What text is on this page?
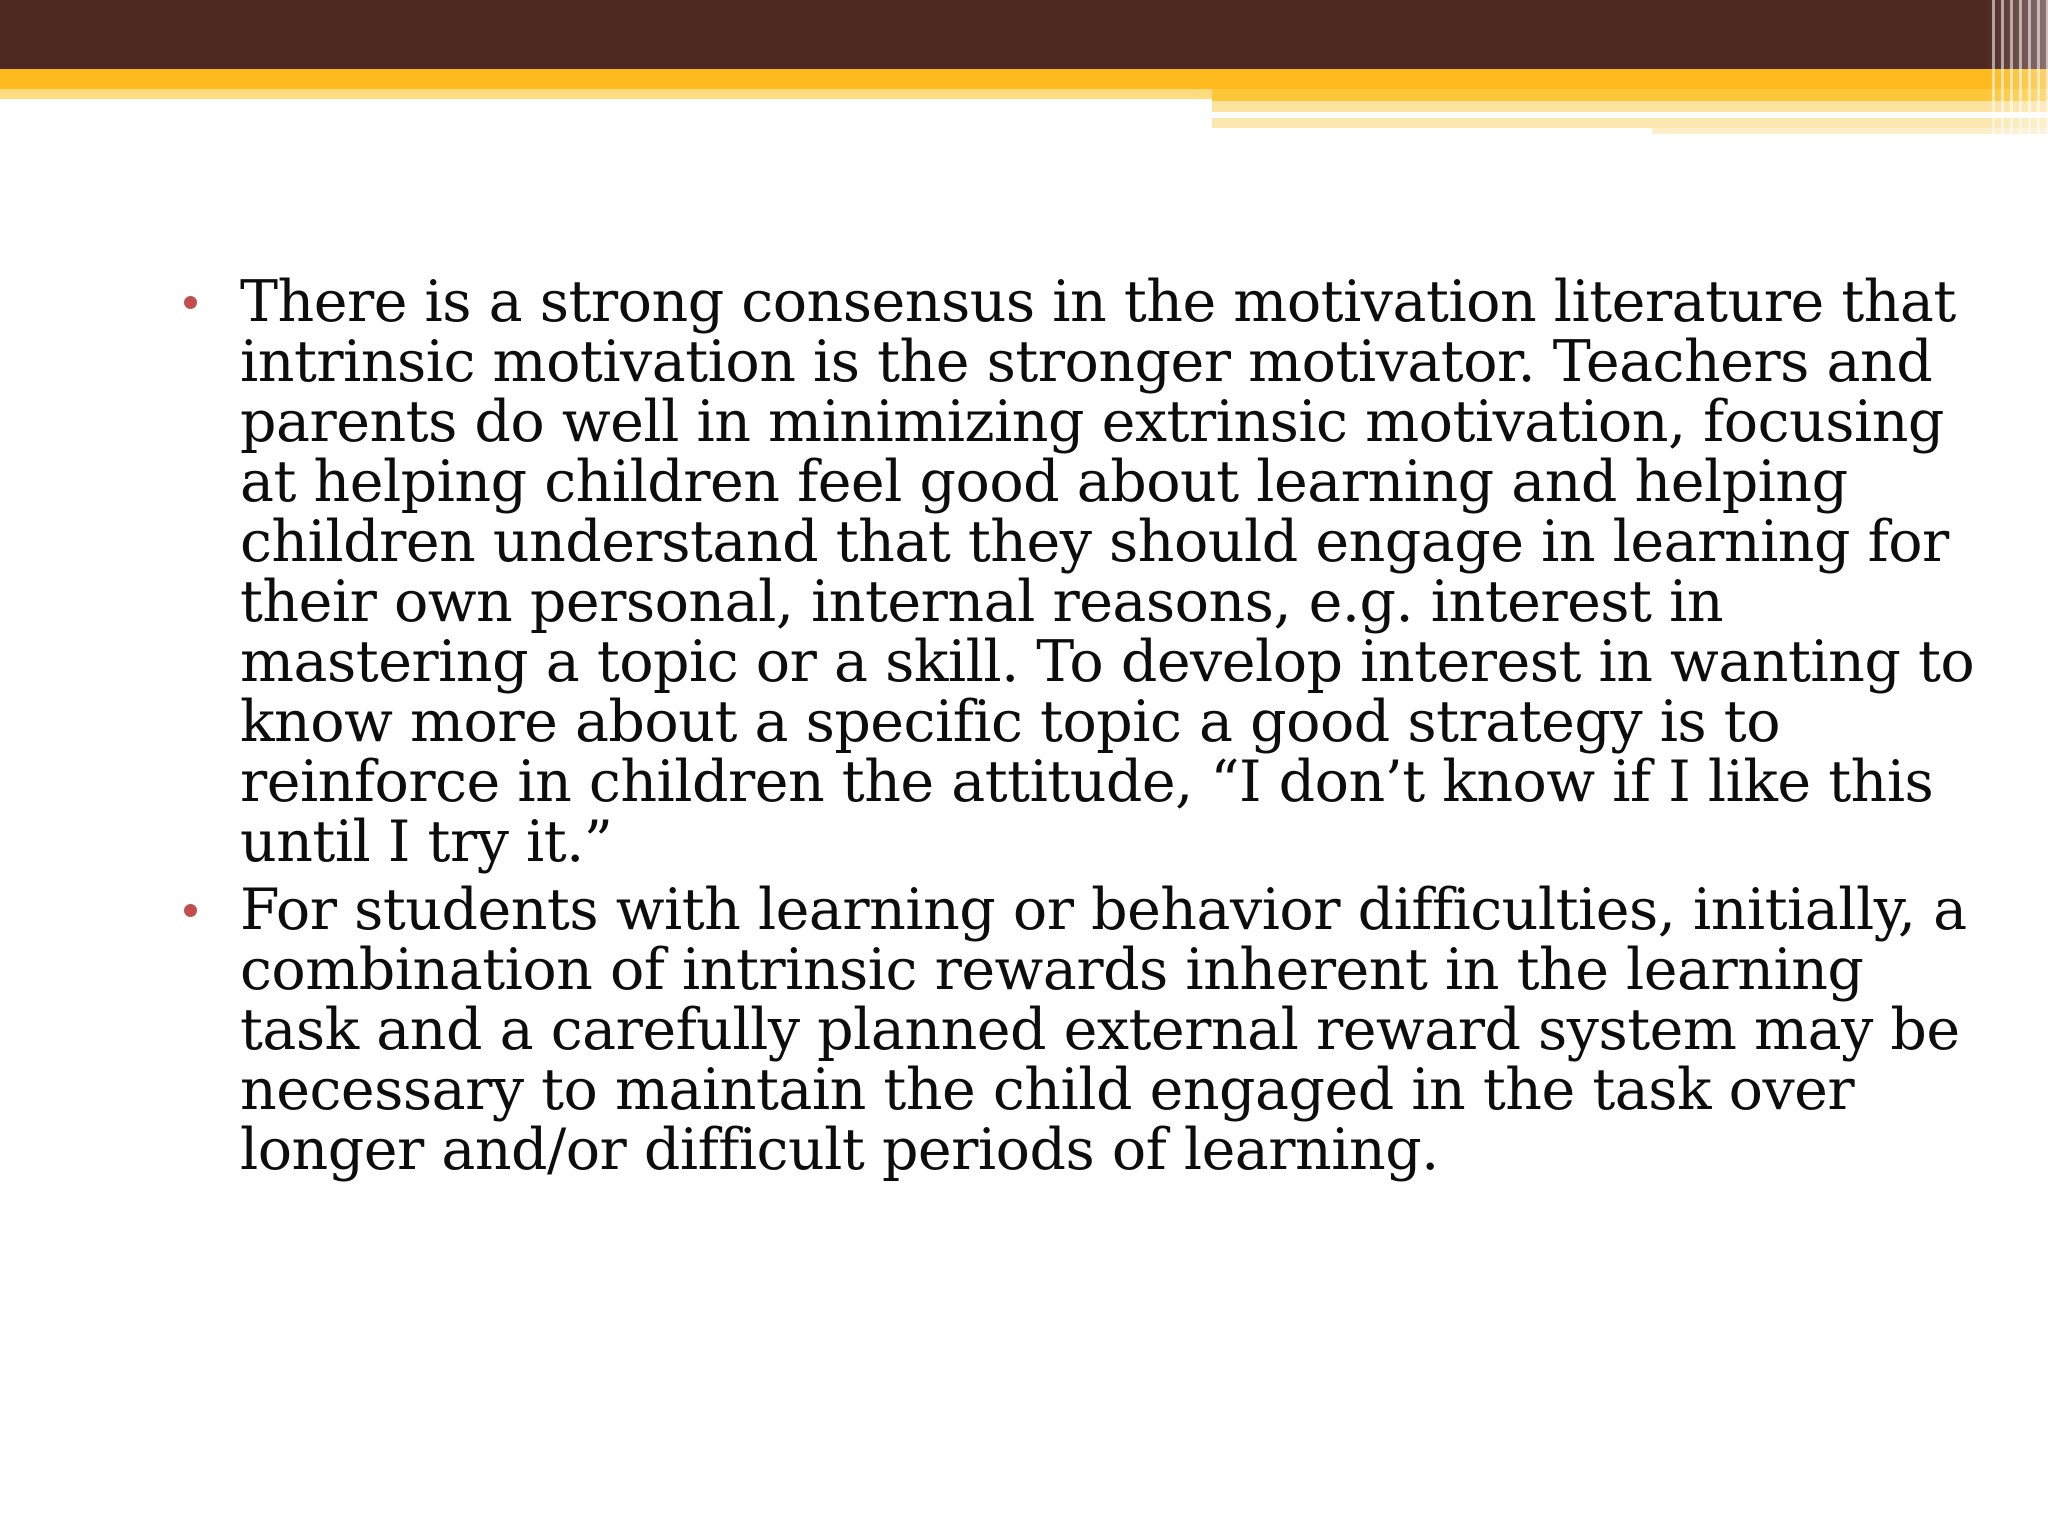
There is a strong consensus in the motivation literature that intrinsic motivation is the stronger motivator. Teachers and parents do well in minimizing extrinsic motivation, focusing at helping children feel good about learning and helping children understand that they should engage in learning for their own personal, internal reasons, e.g. interest in mastering a topic or a skill. To develop interest in wanting to know more about a specific topic a good strategy is to reinforce in children the attitude, “I don’t know if I like this until I try it.”
For students with learning or behavior difficulties, initially, a combination of intrinsic rewards inherent in the learning task and a carefully planned external reward system may be necessary to maintain the child engaged in the task over longer and/or difficult periods of learning.
